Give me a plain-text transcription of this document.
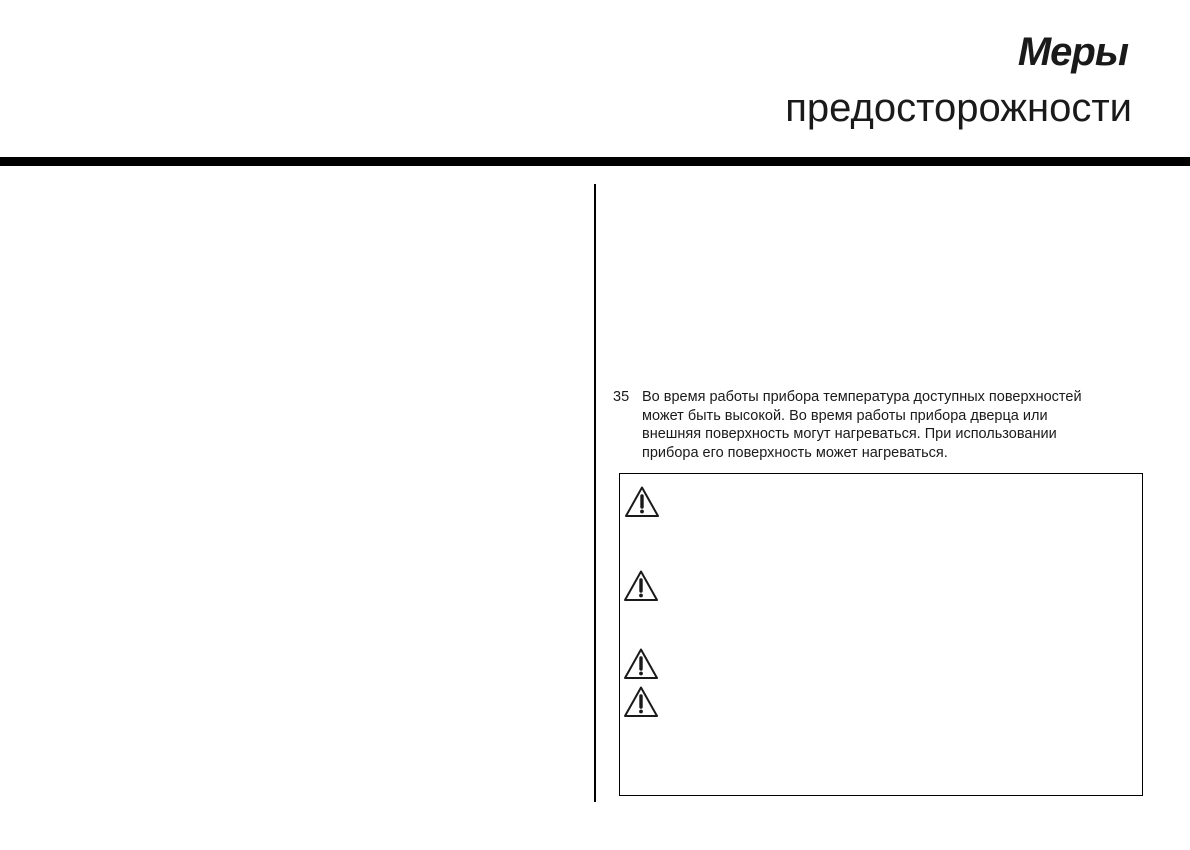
Меры
предосторожности
35 Во время работы прибора температура доступных поверхностей
может быть высокой. Во время работы прибора дверца или
внешняя поверхность могут нагреваться. При использовании
прибора его поверхность может нагреваться.
